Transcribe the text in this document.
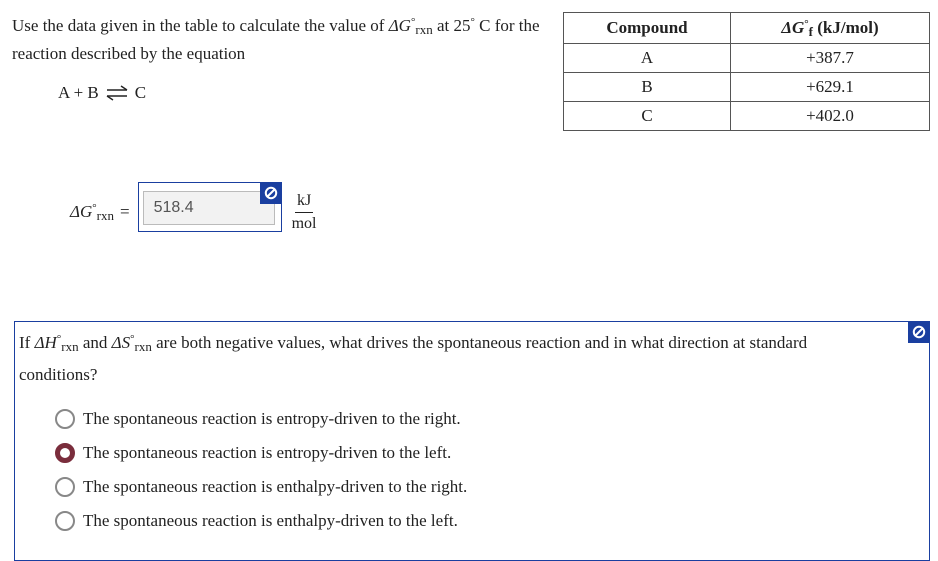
Use the data given in the table to calculate the value of $\Delta G^\circ_{rxn}$ at 25° C for the reaction described by the equation
A + B ⇌ C
Compound	$\Delta G^\circ_f$ (kJ/mol)
A	+387.7
B	+629.1
C	+402.0
$\Delta G^\circ_{rxn}$ =
518.4	$\frac{kJ}{\text{mol}}$
If $\Delta H^\circ_{rxn}$ and $\Delta S^\circ_{rxn}$ are both negative values, what drives the spontaneous reaction and in what direction at standard conditions?
The spontaneous reaction is entropy-driven to the right.
The spontaneous reaction is entropy-driven to the left.
The spontaneous reaction is enthalpy-driven to the right.
The spontaneous reaction is enthalpy-driven to the left.
